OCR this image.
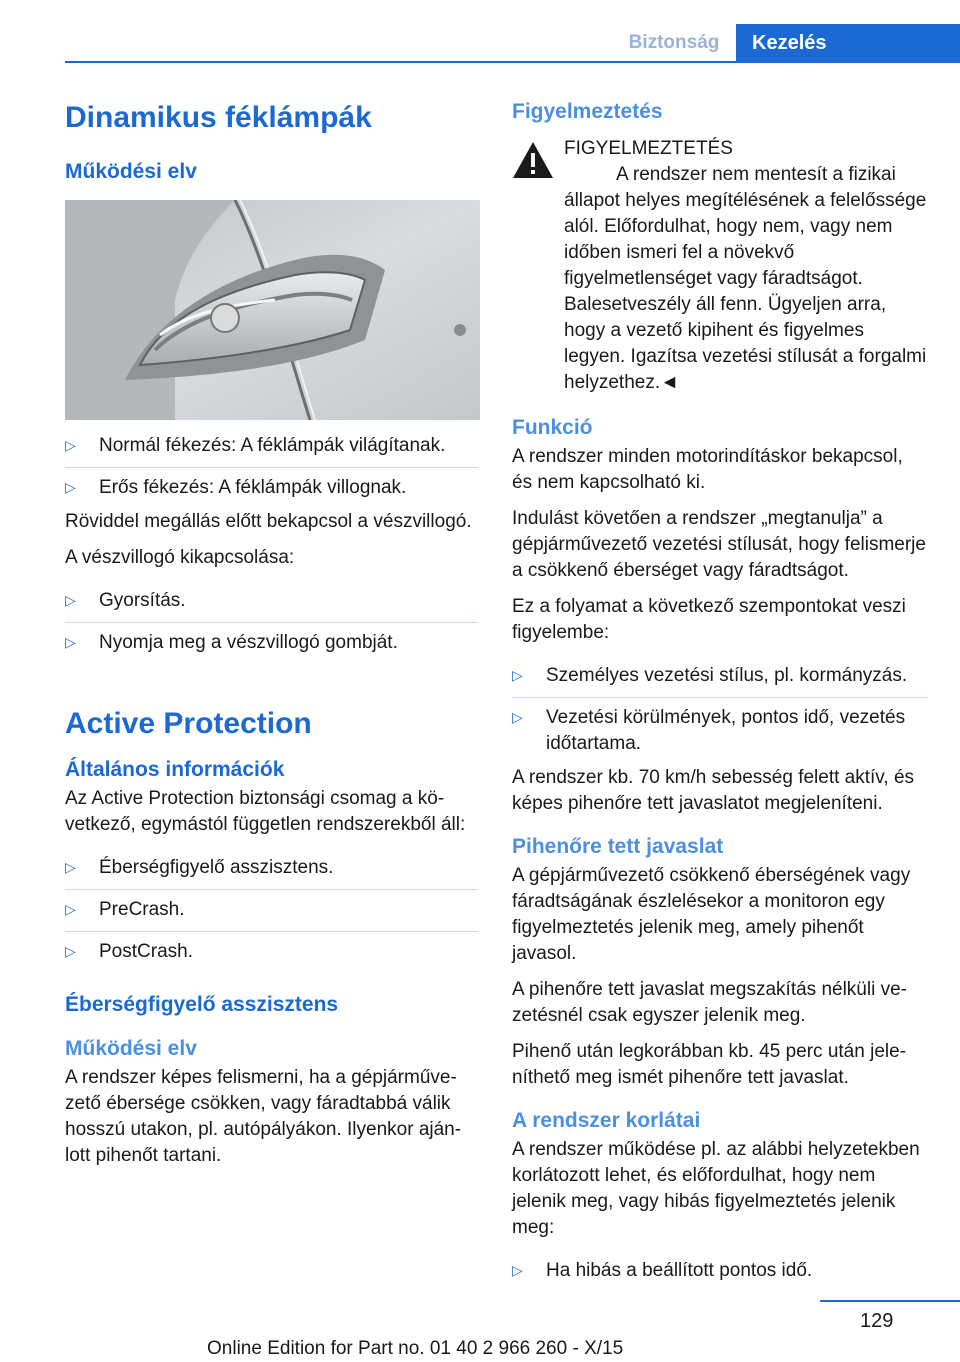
Biztonság	Kezelés
Dinamikus féklámpák
Működési elv
▷ Normál fékezés: A féklámpák világítanak.
▷ Erős fékezés: A féklámpák villognak.

Röviddel megállás előtt bekapcsol a vészvillogó.

A vészvillogó kikapcsolása:

▷ Gyorsítás.
▷ Nyomja meg a vészvillogó gombját.
Active Protection
Általános információk

Az Active Protection biztonsági csomag a következő, egymástól független rendszerekből áll:

▷ Éberségfigyelő asszisztens.
▷ PreCrash.
▷ PostCrash.
Éberségfigyelő asszisztens
Működési elv

A rendszer képes felismerni, ha a gépjárművezető ébersége csökken, vagy fáradtabbá válik hosszú utakon, pl. autópályákon. Ilyenkor ajánlott pihenőt tartani.

Figyelmeztetés

FIGYELMEZTETÉS

A rendszer nem mentesít a fizikai állapot helyes megítélésének a felelőssége alól. Előfordulhat, hogy nem, vagy nem időben ismeri fel a növekvő figyelmetlenséget vagy fáradtságot. Balesetveszély áll fenn. Ügyeljen arra, hogy a vezető kipihent és figyelmes legyen. Igazítsa vezetési stílusát a forgalmi helyzethez.◄

Funkció

A rendszer minden motorindításkor bekapcsol, és nem kapcsolható ki.

Indulást követően a rendszer „megtanulja” a gépjárművezető vezetési stílusát, hogy felismerje a csökkenő éberséget vagy fáradtságot.

Ez a folyamat a következő szempontokat veszi figyelembe:

▷ Személyes vezetési stílus, pl. kormányzás.
▷ Vezetési körülmények, pontos idő, vezetés időtartama.

A rendszer kb. 70 km/h sebesség felett aktív, és képes pihenőre tett javaslatot megjeleníteni.

Pihenőre tett javaslat

A gépjárművezető csökkenő éberségének vagy fáradtságának észlelésekor a monitoron egy figyelmeztetés jelenik meg, amely pihenőt javasol.

A pihenőre tett javaslat megszakítás nélküli vezetésnél csak egyszer jelenik meg.

Pihenő után legkorábban kb. 45 perc után jeleníthető meg ismét pihenőre tett javaslat.

A rendszer korlátai

A rendszer működése pl. az alábbi helyzetekben korlátozott lehet, és előfordulhat, hogy nem jelenik meg, vagy hibás figyelmeztetés jelenik meg:

▷ Ha hibás a beállított pontos idő.
129
Online Edition for Part no. 01 40 2 966 260 - X/15
